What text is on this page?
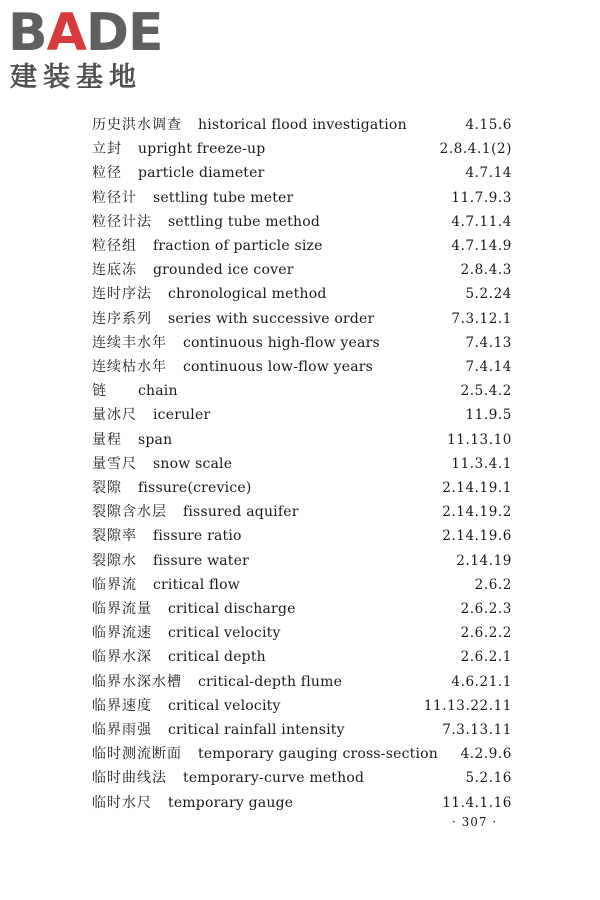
BADE
建装基地
历史洪水调查 historical flood investigation	4.15.6
立封 upright freeze-up	2.8.4.1(2)
粒径 particle diameter	4.7.14
粒径计 settling tube meter	11.7.9.3
粒径计法 settling tube method	4.7.11.4
粒径组 fraction of particle size	4.7.14.9
连底冻 grounded ice cover	2.8.4.3
连时序法 chronological method	5.2.24
连序系列 series with successive order	7.3.12.1
连续丰水年 continuous high-flow years	7.4.13
连续枯水年 continuous low-flow years	7.4.14
链 chain	2.5.4.2
量冰尺 iceruler	11.9.5
量程 span	11.13.10
量雪尺 snow scale	11.3.4.1
裂隙 fissure(crevice)	2.14.19.1
裂隙含水层 fissured aquifer	2.14.19.2
裂隙率 fissure ratio	2.14.19.6
裂隙水 fissure water	2.14.19
临界流 critical flow	2.6.2
临界流量 critical discharge	2.6.2.3
临界流速 critical velocity	2.6.2.2
临界水深 critical depth	2.6.2.1
临界水深水槽 critical-depth flume	4.6.21.1
临界速度 critical velocity	11.13.22.11
临界雨强 critical rainfall intensity	7.3.13.11
临时测流断面 temporary gauging cross-section 4.2.9.6
临时曲线法 temporary-curve method	5.2.16
临时水尺 temporary gauge	11.4.1.16
· 307 ·
